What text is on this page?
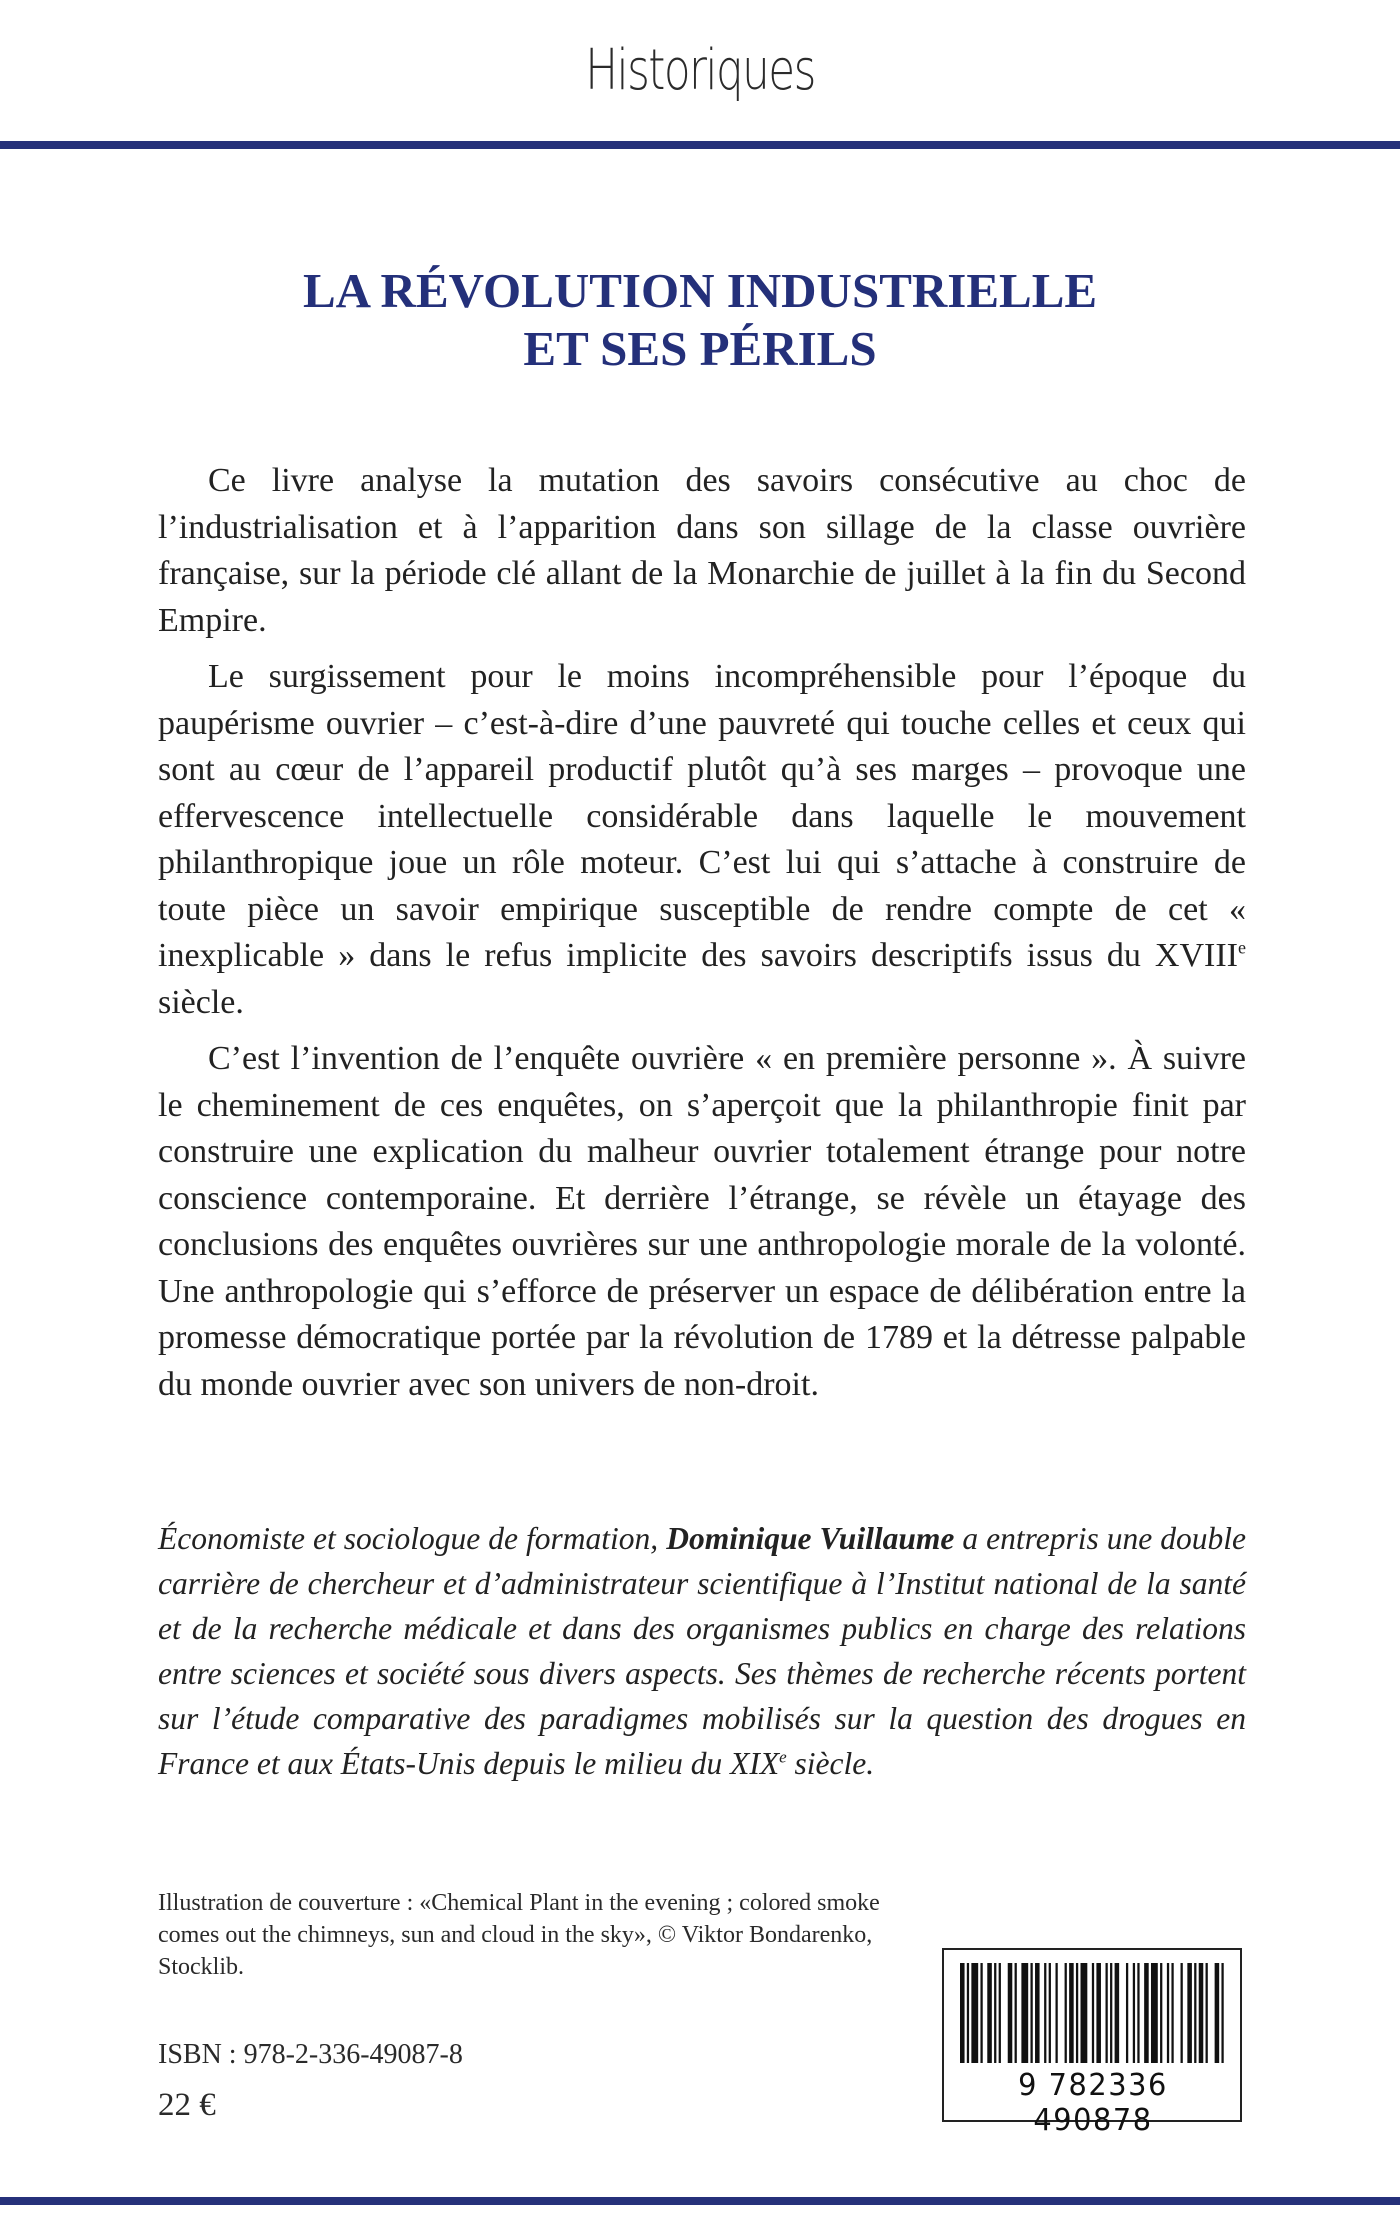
Historiques
LA RÉVOLUTION INDUSTRIELLE
ET SES PÉRILS

Ce livre analyse la mutation des savoirs consécutive au choc de l’industrialisation et à l’apparition dans son sillage de la classe ouvrière française, sur la période clé allant de la Monarchie de juillet à la fin du Second Empire.

Le surgissement pour le moins incompréhensible pour l’époque du paupérisme ouvrier – c’est-à-dire d’une pauvreté qui touche celles et ceux qui sont au cœur de l’appareil productif plutôt qu’à ses marges – provoque une effervescence intellectuelle considérable dans laquelle le mouvement philanthropique joue un rôle moteur. C’est lui qui s’attache à construire de toute pièce un savoir empirique susceptible de rendre compte de cet « inexplicable » dans le refus implicite des savoirs descriptifs issus du XVIIIe siècle.

C’est l’invention de l’enquête ouvrière « en première personne ». À suivre le cheminement de ces enquêtes, on s’aperçoit que la philanthropie finit par construire une explication du malheur ouvrier totalement étrange pour notre conscience contemporaine. Et derrière l’étrange, se révèle un étayage des conclusions des enquêtes ouvrières sur une anthropologie morale de la volonté. Une anthropologie qui s’efforce de préserver un espace de délibération entre la promesse démocratique portée par la révolution de 1789 et la détresse palpable du monde ouvrier avec son univers de non-droit.

Économiste et sociologue de formation, Dominique Vuillaume a entrepris une double carrière de chercheur et d’administrateur scientifique à l’Institut national de la santé et de la recherche médicale et dans des organismes publics en charge des relations entre sciences et société sous divers aspects. Ses thèmes de recherche récents portent sur l’étude comparative des paradigmes mobilisés sur la question des drogues en France et aux États-Unis depuis le milieu du XIXe siècle.

Illustration de couverture : «Chemical Plant in the evening ; colored smoke comes out the chimneys, sun and cloud in the sky», © Viktor Bondarenko, Stocklib.

ISBN : 978-2-336-49087-8
22 €
9 782336 490878
